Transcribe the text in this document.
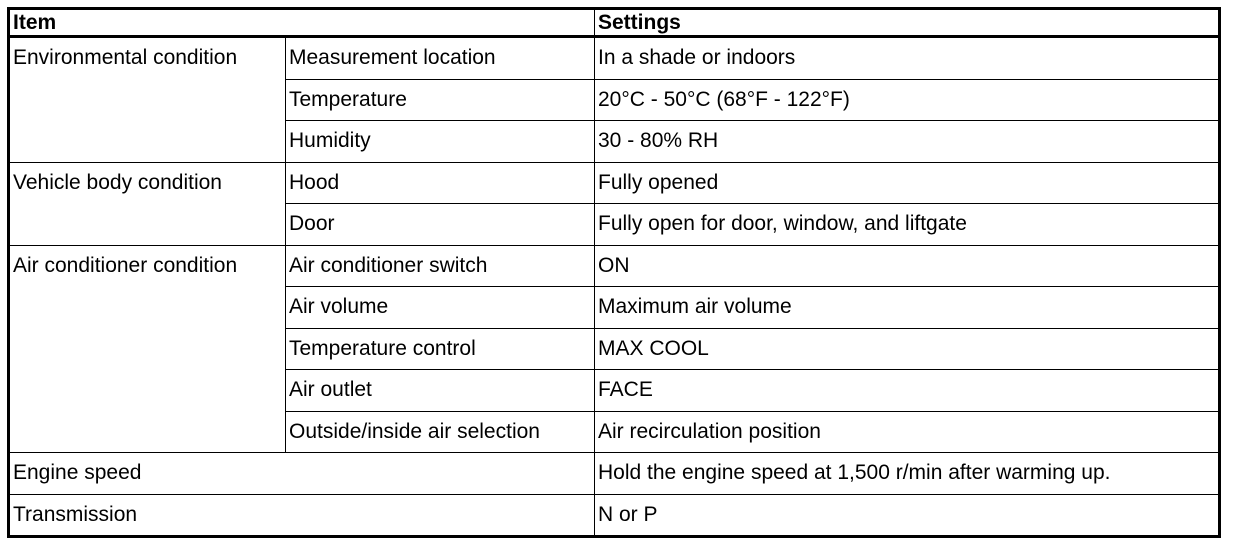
Item		Settings
Environmental condition	Measurement location	In a shade or indoors
	Temperature	20°C - 50°C (68°F - 122°F)
	Humidity	30 - 80% RH
Vehicle body condition	Hood	Fully opened
	Door	Fully open for door, window, and liftgate
Air conditioner condition	Air conditioner switch	ON
	Air volume	Maximum air volume
	Temperature control	MAX COOL
	Air outlet	FACE
	Outside/inside air selection	Air recirculation position
Engine speed		Hold the engine speed at 1,500 r/min after warming up.
Transmission		N or P
